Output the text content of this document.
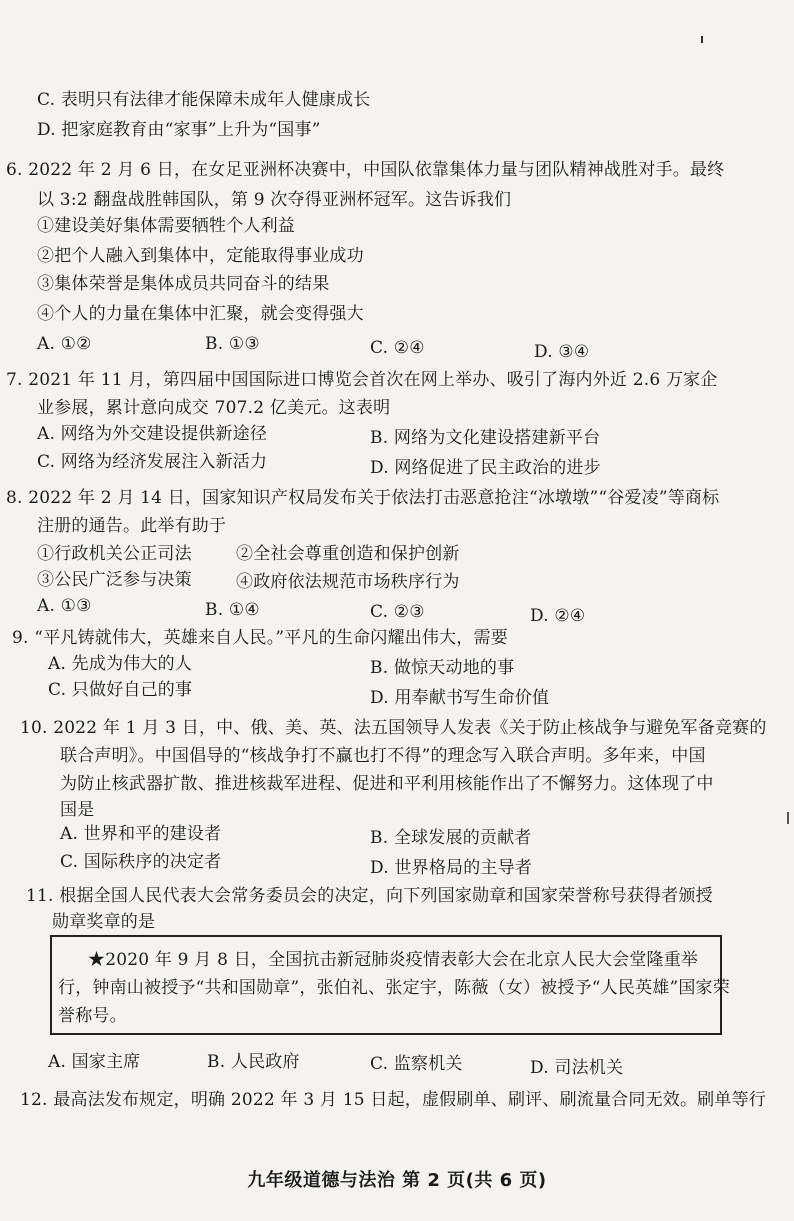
C. 表明只有法律才能保障未成年人健康成长
D. 把家庭教育由“家事”上升为“国事”
6. 2022 年 2 月 6 日，在女足亚洲杯决赛中，中国队依靠集体力量与团队精神战胜对手。最终
以 3:2 翻盘战胜韩国队，第 9 次夺得亚洲杯冠军。这告诉我们
①建设美好集体需要牺牲个人利益
②把个人融入到集体中，定能取得事业成功
③集体荣誉是集体成员共同奋斗的结果
④个人的力量在集体中汇聚，就会变得强大
A. ①②	B. ①③	C. ②④	D. ③④
7. 2021 年 11 月，第四届中国国际进口博览会首次在网上举办、吸引了海内外近 2.6 万家企
业参展，累计意向成交 707.2 亿美元。这表明
A. 网络为外交建设提供新途径	B. 网络为文化建设搭建新平台
C. 网络为经济发展注入新活力	D. 网络促进了民主政治的进步
8. 2022 年 2 月 14 日，国家知识产权局发布关于依法打击恶意抢注“冰墩墩”“谷爱凌”等商标
注册的通告。此举有助于
①行政机关公正司法	②全社会尊重创造和保护创新
③公民广泛参与决策	④政府依法规范市场秩序行为
A. ①③	B. ①④	C. ②③	D. ②④
9. “平凡铸就伟大，英雄来自人民。”平凡的生命闪耀出伟大，需要
A. 先成为伟大的人	B. 做惊天动地的事
C. 只做好自己的事	D. 用奉献书写生命价值
10. 2022 年 1 月 3 日，中、俄、美、英、法五国领导人发表《关于防止核战争与避免军备竞赛的
联合声明》。中国倡导的“核战争打不赢也打不得”的理念写入联合声明。多年来，中国
为防止核武器扩散、推进核裁军进程、促进和平利用核能作出了不懈努力。这体现了中
国是
A. 世界和平的建设者	B. 全球发展的贡献者
C. 国际秩序的决定者	D. 世界格局的主导者
11. 根据全国人民代表大会常务委员会的决定，向下列国家勋章和国家荣誉称号获得者颁授
勋章奖章的是
★2020 年 9 月 8 日，全国抗击新冠肺炎疫情表彰大会在北京人民大会堂隆重举
行，钟南山被授予“共和国勋章”，张伯礼、张定宇，陈薇（女）被授予“人民英雄”国家荣
誉称号。
A. 国家主席	B. 人民政府	C. 监察机关	D. 司法机关
12. 最高法发布规定，明确 2022 年 3 月 15 日起，虚假刷单、刷评、刷流量合同无效。刷单等行
九年级道德与法治 第 2 页(共 6 页)
